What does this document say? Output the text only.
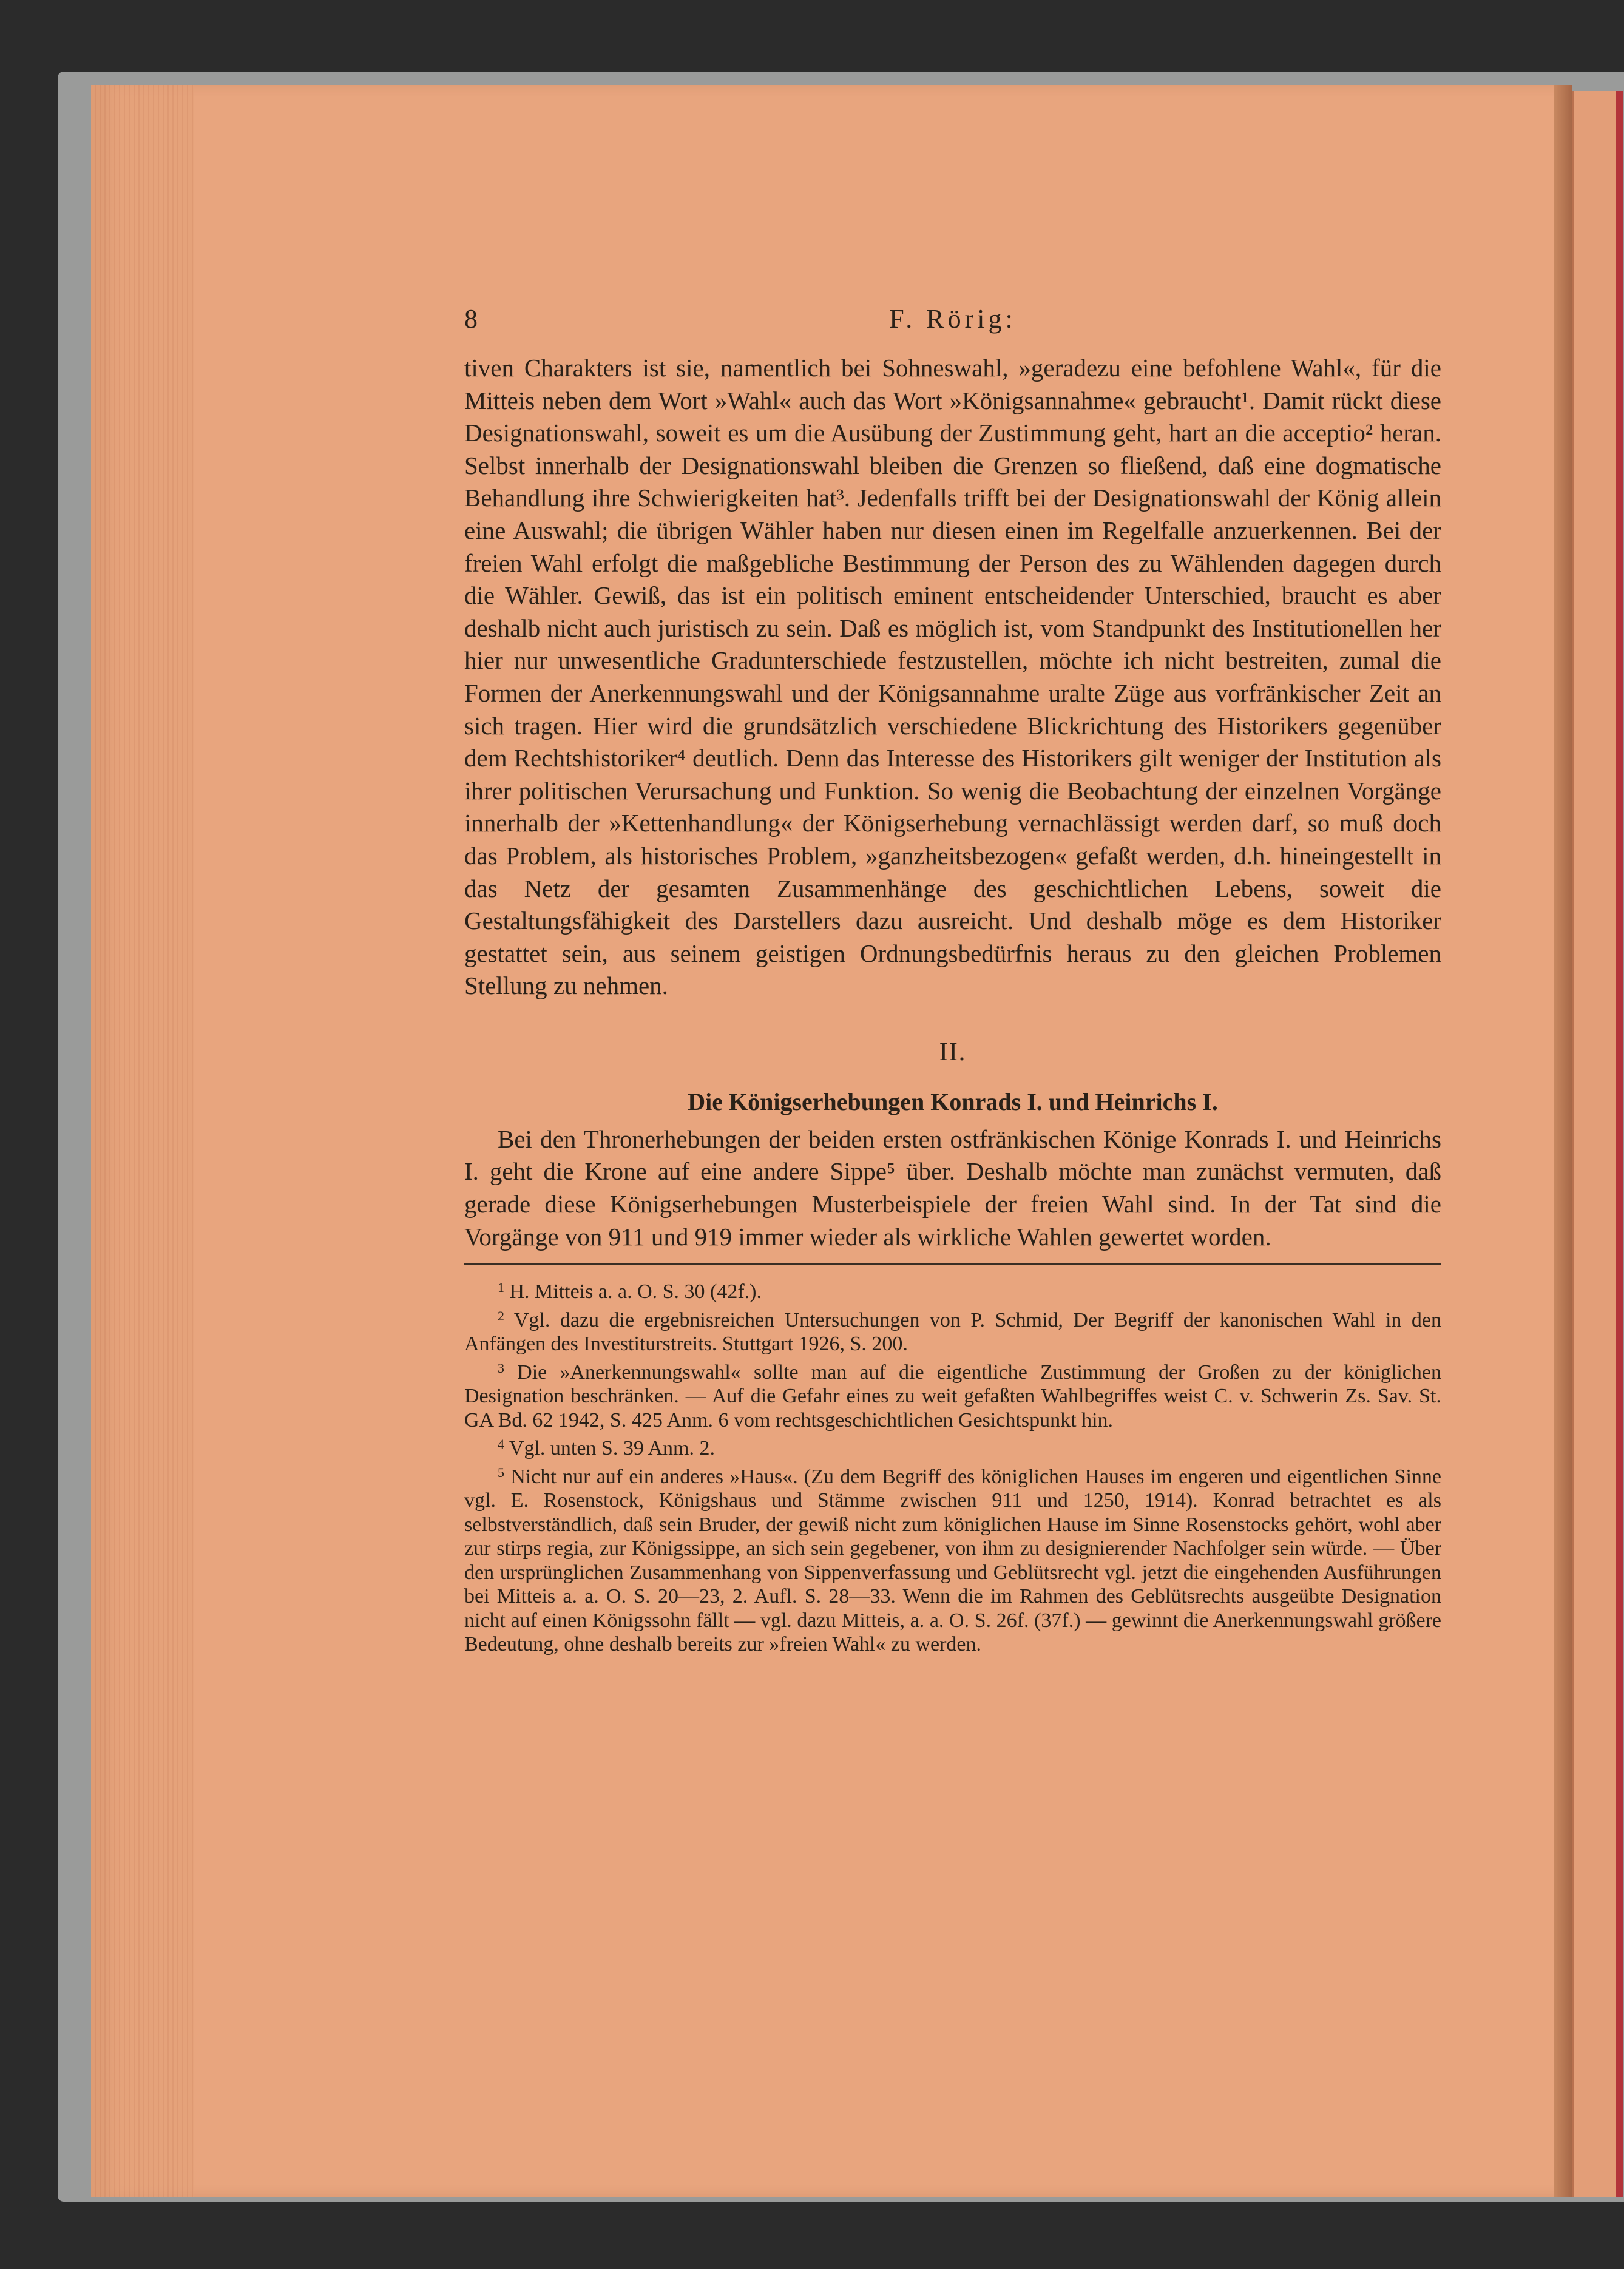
8	F. Rörig:

tiven Charakters ist sie, namentlich bei Sohneswahl, »geradezu eine befohlene Wahl«, für die Mitteis neben dem Wort »Wahl« auch das Wort »Königsannahme« gebraucht¹. Damit rückt diese Designationswahl, soweit es um die Ausübung der Zustimmung geht, hart an die acceptio² heran. Selbst innerhalb der Designationswahl bleiben die Grenzen so fließend, daß eine dogmatische Behandlung ihre Schwierigkeiten hat³. Jedenfalls trifft bei der Designationswahl der König allein eine Auswahl; die übrigen Wähler haben nur diesen einen im Regelfalle anzuerkennen. Bei der freien Wahl erfolgt die maßgebliche Bestimmung der Person des zu Wählenden dagegen durch die Wähler. Gewiß, das ist ein politisch eminent entscheidender Unterschied, braucht es aber deshalb nicht auch juristisch zu sein. Daß es möglich ist, vom Standpunkt des Institutionellen her hier nur unwesentliche Gradunterschiede festzustellen, möchte ich nicht bestreiten, zumal die Formen der Anerkennungswahl und der Königsannahme uralte Züge aus vorfränkischer Zeit an sich tragen. Hier wird die grundsätzlich verschiedene Blickrichtung des Historikers gegenüber dem Rechtshistoriker⁴ deutlich. Denn das Interesse des Historikers gilt weniger der Institution als ihrer politischen Verursachung und Funktion. So wenig die Beobachtung der einzelnen Vorgänge innerhalb der »Kettenhandlung« der Königserhebung vernachlässigt werden darf, so muß doch das Problem, als historisches Problem, »ganzheitsbezogen« gefaßt werden, d.h. hineingestellt in das Netz der gesamten Zusammenhänge des geschichtlichen Lebens, soweit die Gestaltungsfähigkeit des Darstellers dazu ausreicht. Und deshalb möge es dem Historiker gestattet sein, aus seinem geistigen Ordnungsbedürfnis heraus zu den gleichen Problemen Stellung zu nehmen.

II.
Die Königserhebungen Konrads I. und Heinrichs I.

Bei den Thronerhebungen der beiden ersten ostfränkischen Könige Konrads I. und Heinrichs I. geht die Krone auf eine andere Sippe⁵ über. Deshalb möchte man zunächst vermuten, daß gerade diese Königserhebungen Musterbeispiele der freien Wahl sind. In der Tat sind die Vorgänge von 911 und 919 immer wieder als wirkliche Wahlen gewertet worden.

$^1$ H. Mitteis a. a. O. S. 30 (42f.).

$^2$ Vgl. dazu die ergebnisreichen Untersuchungen von P. Schmid, Der Begriff der kanonischen Wahl in den Anfängen des Investiturstreits. Stuttgart 1926, S. 200.

$^3$ Die »Anerkennungswahl« sollte man auf die eigentliche Zustimmung der Großen zu der königlichen Designation beschränken. — Auf die Gefahr eines zu weit gefaßten Wahlbegriffes weist C. v. Schwerin Zs. Sav. St. GA Bd. 62 1942, S. 425 Anm. 6 vom rechtsgeschichtlichen Gesichtspunkt hin.

$^4$ Vgl. unten S. 39 Anm. 2.

$^5$ Nicht nur auf ein anderes »Haus«. (Zu dem Begriff des königlichen Hauses im engeren und eigentlichen Sinne vgl. E. Rosenstock, Königshaus und Stämme zwischen 911 und 1250, 1914). Konrad betrachtet es als selbstverständlich, daß sein Bruder, der gewiß nicht zum königlichen Hause im Sinne Rosenstocks gehört, wohl aber zur stirps regia, zur Königssippe, an sich sein gegebener, von ihm zu designierender Nachfolger sein würde. — Über den ursprünglichen Zusammenhang von Sippenverfassung und Geblütsrecht vgl. jetzt die eingehenden Ausführungen bei Mitteis a. a. O. S. 20—23, 2. Aufl. S. 28—33. Wenn die im Rahmen des Geblütsrechts ausgeübte Designation nicht auf einen Königssohn fällt — vgl. dazu Mitteis, a. a. O. S. 26f. (37f.) — gewinnt die Anerkennungswahl größere Bedeutung, ohne deshalb bereits zur »freien Wahl« zu werden.
